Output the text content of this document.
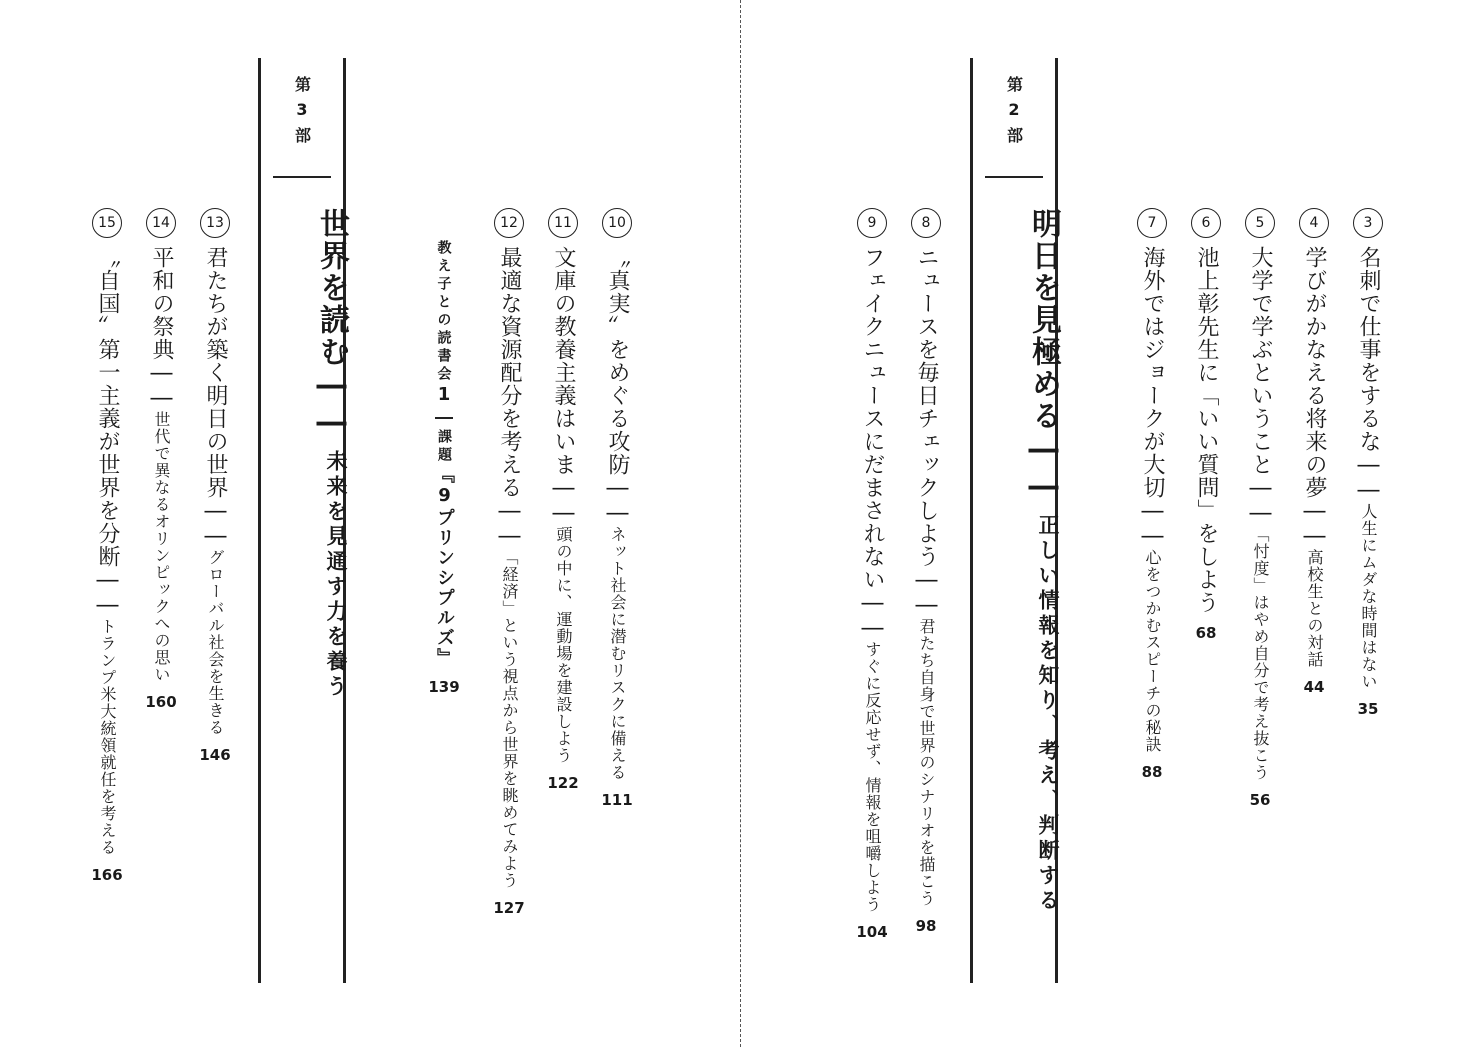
第2部
明日を見極める
――
正しい情報を知り、考え、判断する
第3部
世界を読む
――
未来を見通す力を養う
3
名刺で仕事をするな――人生にムダな時間はない
35
4
学びがかなえる将来の夢――高校生との対話
44
5
大学で学ぶということ――「忖度」はやめ自分で考え抜こう
56
6
池上彰先生に「いい質問」をしよう
68
7
海外ではジョークが大切――心をつかむスピーチの秘訣
88
8
ニュースを毎日チェックしよう――君たち自身で世界のシナリオを描こう
98
9
フェイクニュースにだまされない――すぐに反応せず、情報を咀嚼しよう
104
10
〝真実〟をめぐる攻防――ネット社会に潜むリスクに備える
111
11
文庫の教養主義はいま――頭の中に、運動場を建設しよう
122
12
最適な資源配分を考える――「経済」という視点から世界を眺めてみよう
127
教え子との読書会1
課題『9プリンシプルズ』
139
13
君たちが築く明日の世界――グローバル社会を生きる
146
14
平和の祭典――世代で異なるオリンピックへの思い
160
15
〝自国〟第一主義が世界を分断――トランプ米大統領就任を考える
166
